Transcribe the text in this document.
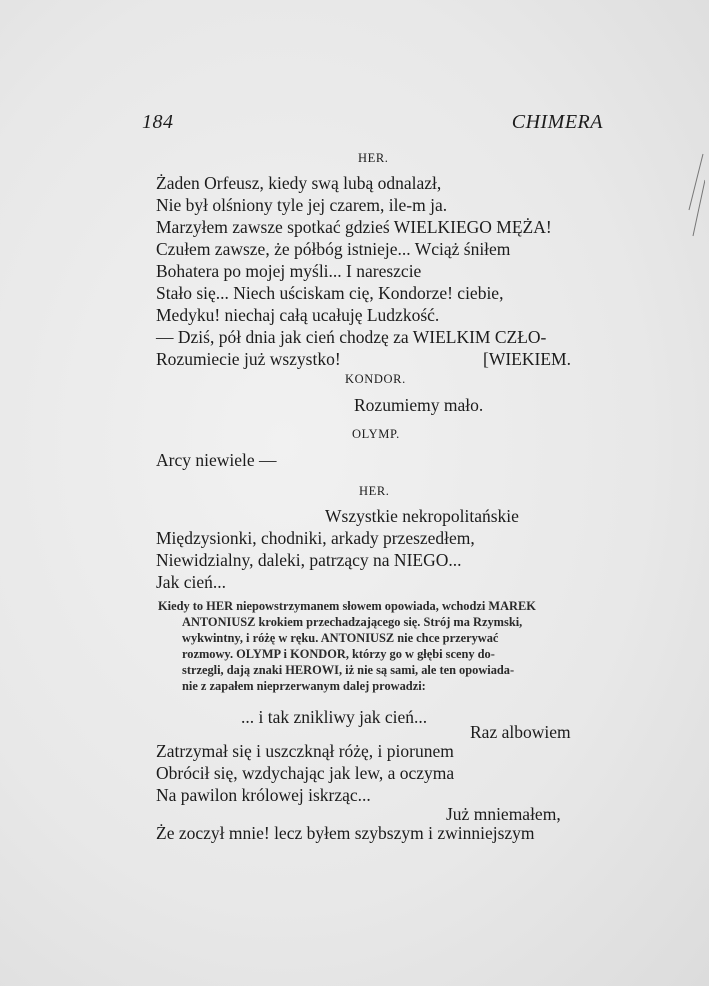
184	CHIMERA
HER.
Żaden Orfeusz, kiedy swą lubą odnalazł,
Nie był olśniony tyle jej czarem, ile-m ja.
Marzyłem zawsze spotkać gdzieś WIELKIEGO MĘŻA!
Czułem zawsze, że półbóg istnieje... Wciąż śniłem
Bohatera po mojej myśli... I nareszcie
Stało się... Niech uściskam cię, Kondorze! ciebie,
Medyku! niechaj całą ucałuję Ludzkość.
— Dziś, pół dnia jak cień chodzę za WIELKIM CZŁO-
Rozumiecie już wszystko!	[WIEKIEM.
KONDOR.
Rozumiemy mało.
OLYMP.
Arcy niewiele —
HER.
Wszystkie nekropolitańskie
Międzysionki, chodniki, arkady przeszedłem,
Niewidzialny, daleki, patrzący na NIEGO...
Jak cień...
Kiedy to HER niepowstrzymanem słowem opowiada, wchodzi MAREK
ANTONIUSZ krokiem przechadzającego się. Strój ma Rzymski,
wykwintny, i różę w ręku. ANTONIUSZ nie chce przerywać
rozmowy. OLYMP i KONDOR, którzy go w głębi sceny do-
strzegli, dają znaki HEROWI, iż nie są sami, ale ten opowiada-
nie z zapałem nieprzerwanym dalej prowadzi:
... i tak znikliwy jak cień...
Raz albowiem
Zatrzymał się i uszczknął różę, i piorunem
Obrócił się, wzdychając jak lew, a oczyma
Na pawilon królowej iskrząc...
Już mniemałem,
Że zoczył mnie! lecz byłem szybszym i zwinniejszym
